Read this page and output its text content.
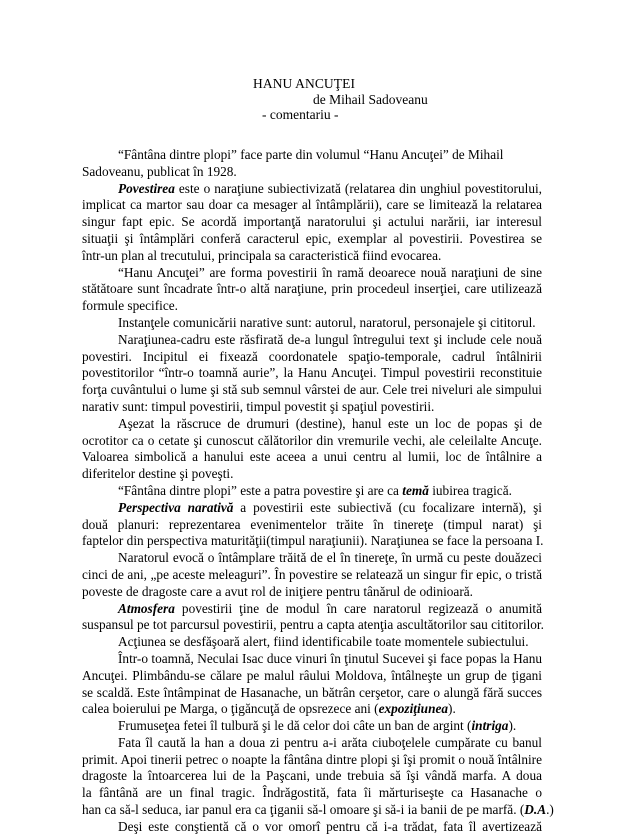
HANU ANCUŢEI
de Mihail Sadoveanu
- comentariu -
“Fântâna dintre plopi” face parte din volumul “Hanu Ancuţei” de Mihail
Sadoveanu, publicat în 1928.
Povestirea este o naraţiune subiectivizată (relatarea din unghiul povestitorului,
implicat ca martor sau doar ca mesager al întâmplării), care se limitează la relatarea
singur fapt epic. Se acordă importanţă naratorului şi actului narării, iar interesul
situaţii şi întâmplări conferă caracterul epic, exemplar al povestirii. Povestirea se
într-un plan al trecutului, principala sa caracteristică fiind evocarea.
“Hanu Ancuţei” are forma povestirii în ramă deoarece nouă naraţiuni de sine
stătătoare sunt încadrate într-o altă naraţiune, prin procedeul inserţiei, care utilizează
formule specifice.
Instanţele comunicării narative sunt: autorul, naratorul, personajele şi cititorul.
Naraţiunea-cadru este răsfirată de-a lungul întregului text şi include cele nouă
povestiri. Incipitul ei fixează coordonatele spaţio-temporale, cadrul întâlnirii
povestitorilor “într-o toamnă aurie”, la Hanu Ancuţei. Timpul povestirii reconstituie
forţa cuvântului o lume şi stă sub semnul vârstei de aur. Cele trei niveluri ale simpului
narativ sunt: timpul povestirii, timpul povestit şi spaţiul povestirii.
Aşezat la răscruce de drumuri (destine), hanul este un loc de popas şi de
ocrotitor ca o cetate şi cunoscut călătorilor din vremurile vechi, ale celeilalte Ancuţe.
Valoarea simbolică a hanului este aceea a unui centru al lumii, loc de întâlnire a
diferitelor destine şi poveşti.
“Fântâna dintre plopi” este a patra povestire şi are ca temă iubirea tragică.
Perspectiva narativă a povestirii este subiectivă (cu focalizare internă), şi
două planuri: reprezentarea evenimentelor trăite în tinereţe (timpul narat) şi
faptelor din perspectiva maturităţii(timpul naraţiunii). Naraţiunea se face la persoana I.
Naratorul evocă o întâmplare trăită de el în tinereţe, în urmă cu peste douăzeci
cinci de ani, „pe aceste meleaguri”. În povestire se relatează un singur fir epic, o tristă
poveste de dragoste care a avut rol de iniţiere pentru tânărul de odinioară.
Atmosfera povestirii ţine de modul în care naratorul regizează o anumită
suspansul pe tot parcursul povestirii, pentru a capta atenţia ascultătorilor sau cititorilor.
Acţiunea se desfăşoară alert, fiind identificabile toate momentele subiectului.
Într-o toamnă, Neculai Isac duce vinuri în ţinutul Sucevei şi face popas la Hanu
Ancuţei. Plimbându-se călare pe malul râului Moldova, întâlneşte un grup de ţigani
se scaldă. Este întâmpinat de Hasanache, un bătrân cerşetor, care o alungă fără succes
calea boierului pe Marga, o ţigăncuţă de opsrezece ani (expoziţiunea).
Frumuseţea fetei îl tulbură şi le dă celor doi câte un ban de argint (intriga).
Fata îl caută la han a doua zi pentru a-i arăta ciuboţelele cumpărate cu banul
primit. Apoi tinerii petrec o noapte la fântâna dintre plopi şi îşi promit o nouă întâlnire
dragoste la întoarcerea lui de la Paşcani, unde trebuia să îşi vândă marfa. A doua
la fântână are un final tragic. Îndrăgostită, fata îi mărturiseşte ca Hasanache o
han ca să-l seduca, iar panul era ca ţiganii să-l omoare şi să-i ia banii de pe marfă. (D.A.)
Deşi este conştientă că o vor omorî pentru că i-a trădat, fata îl avertizează
